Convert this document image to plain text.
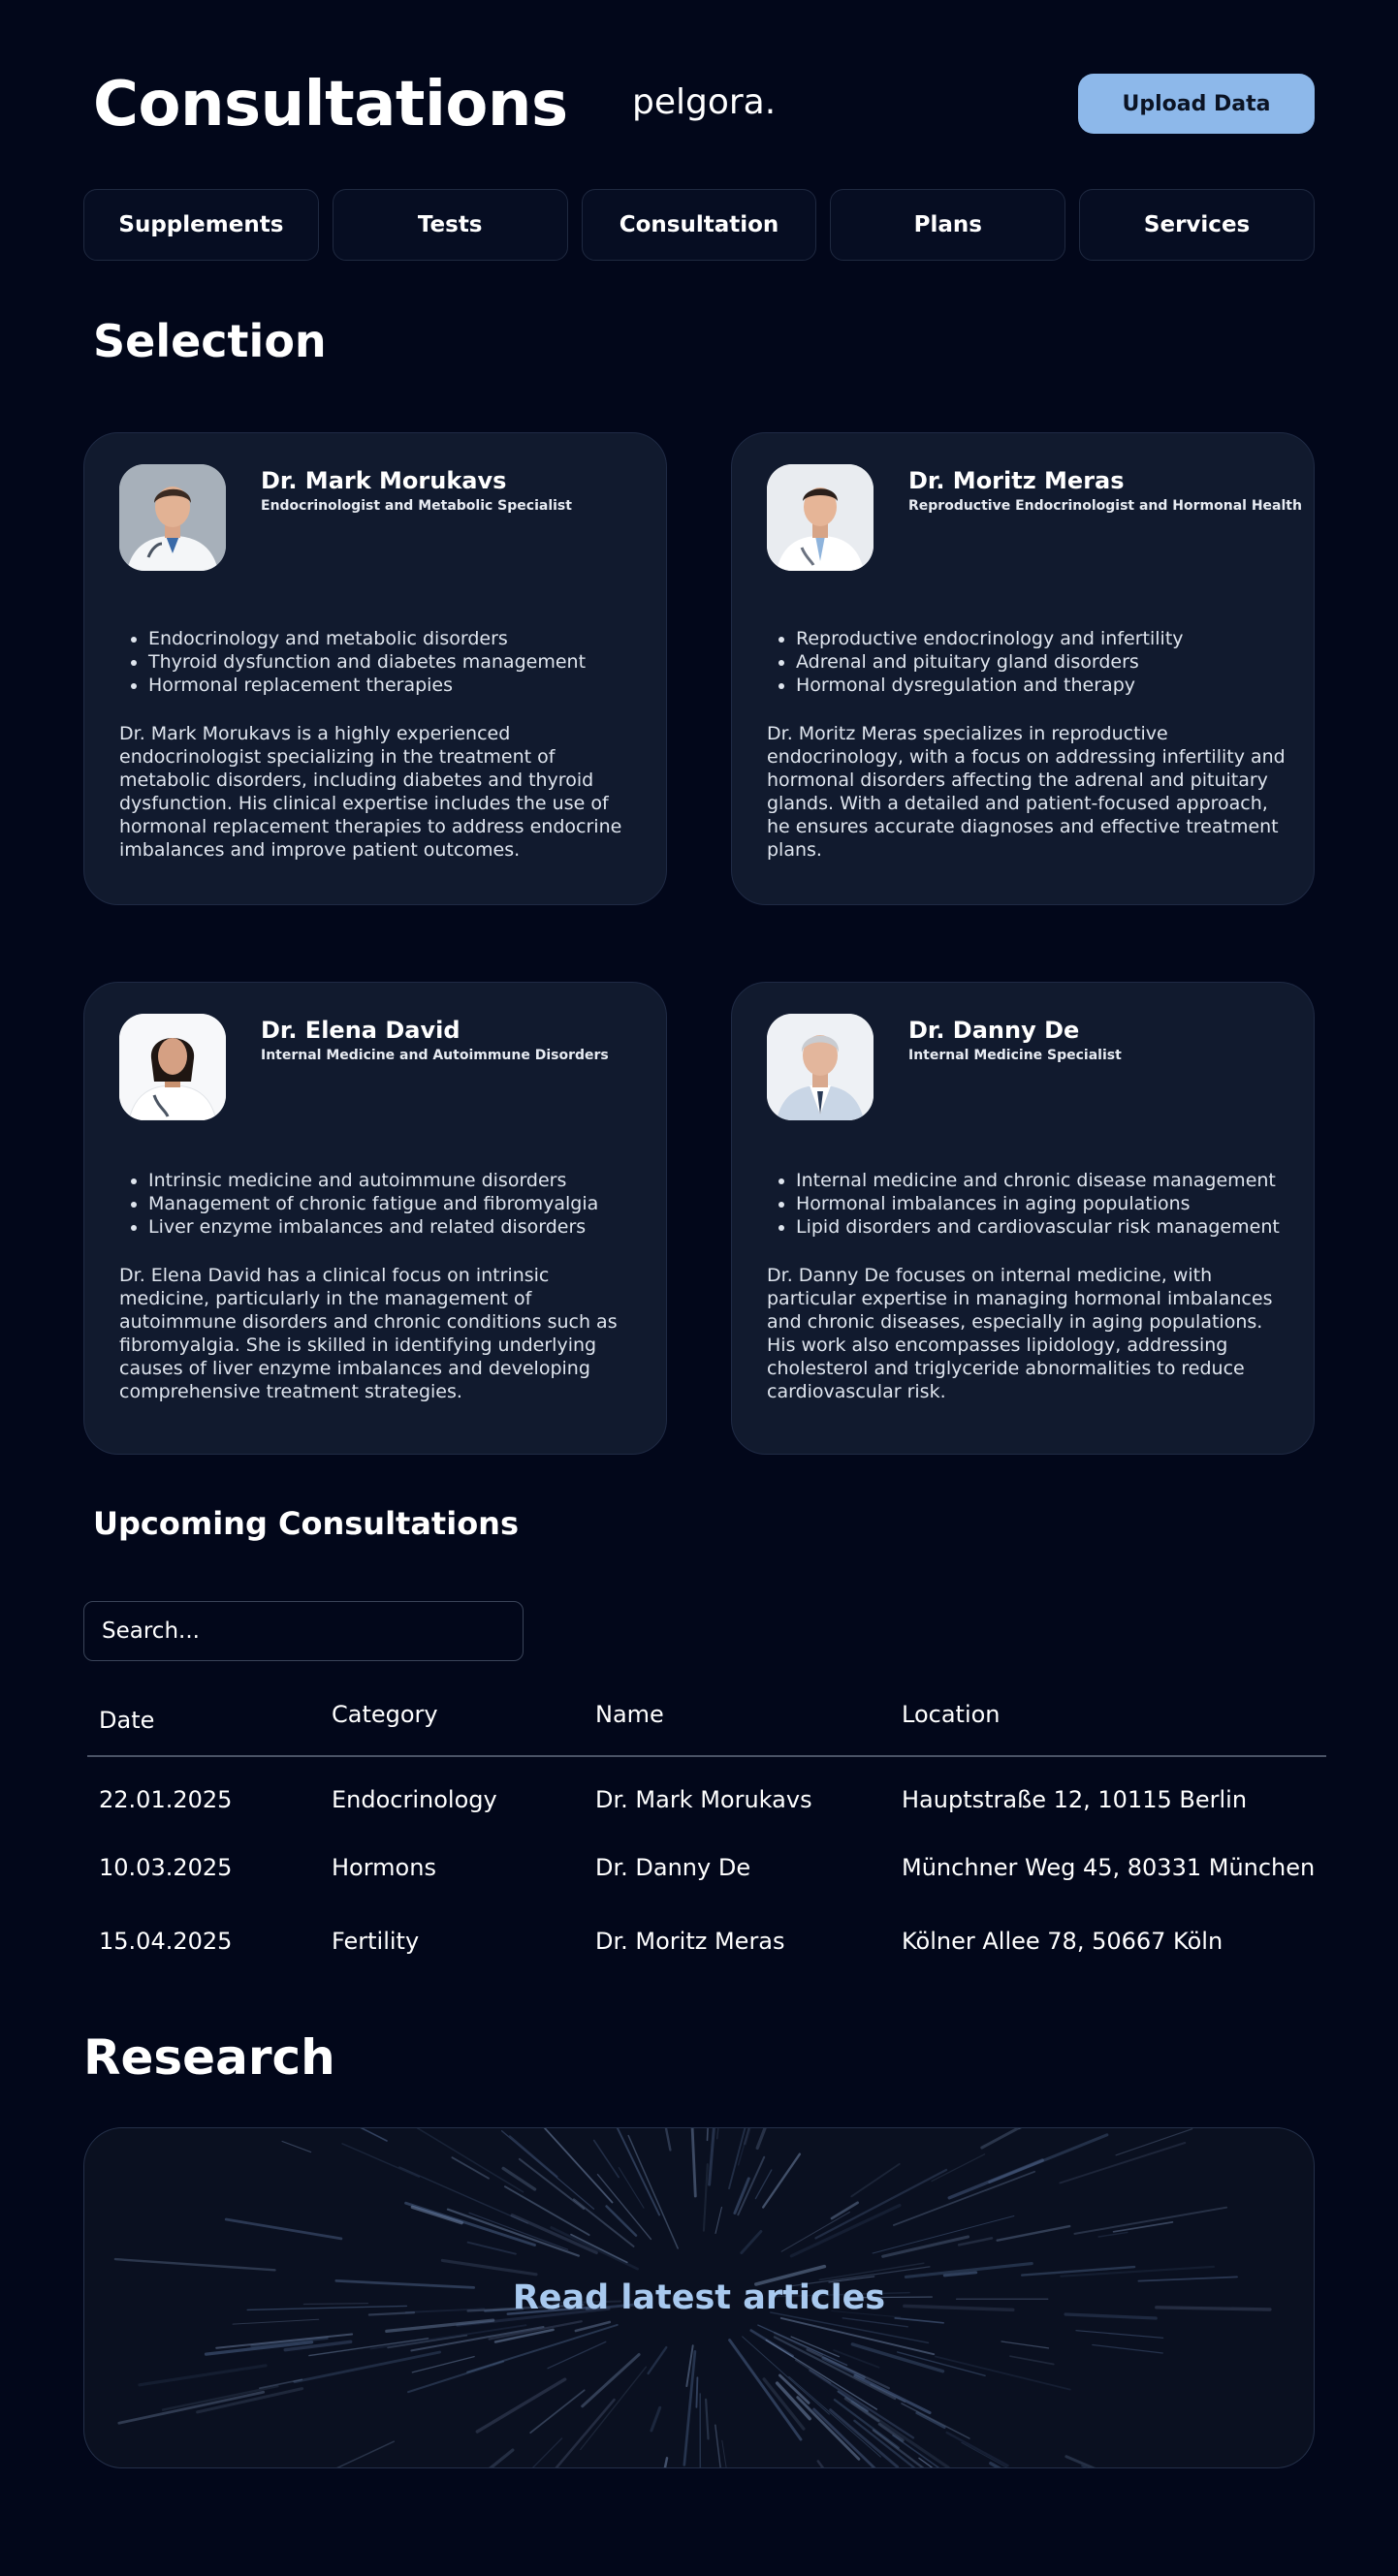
Consultations pelgora.	Upload Data
Supplements	Tests	Consultation	Plans	Services
Selection
Dr. Mark Morukavs
Endocrinologist and Metabolic Specialist
• Endocrinology and metabolic disorders
• Thyroid dysfunction and diabetes management
• Hormonal replacement therapies
Dr. Mark Morukavs is a highly experienced endocrinologist specializing in the treatment of metabolic disorders, including diabetes and thyroid dysfunction. His clinical expertise includes the use of hormonal replacement therapies to address endocrine imbalances and improve patient outcomes.
Dr. Moritz Meras
Reproductive Endocrinologist and Hormonal Health
• Reproductive endocrinology and infertility
• Adrenal and pituitary gland disorders
• Hormonal dysregulation and therapy
Dr. Moritz Meras specializes in reproductive endocrinology, with a focus on addressing infertility and hormonal disorders affecting the adrenal and pituitary glands. With a detailed and patient-focused approach, he ensures accurate diagnoses and effective treatment plans.
Dr. Elena David
Internal Medicine and Autoimmune Disorders
• Intrinsic medicine and autoimmune disorders
• Management of chronic fatigue and fibromyalgia
• Liver enzyme imbalances and related disorders
Dr. Elena David has a clinical focus on intrinsic medicine, particularly in the management of autoimmune disorders and chronic conditions such as fibromyalgia. She is skilled in identifying underlying causes of liver enzyme imbalances and developing comprehensive treatment strategies.
Dr. Danny De
Internal Medicine Specialist
• Internal medicine and chronic disease management
• Hormonal imbalances in aging populations
• Lipid disorders and cardiovascular risk management
Dr. Danny De focuses on internal medicine, with particular expertise in managing hormonal imbalances and chronic diseases, especially in aging populations. His work also encompasses lipidology, addressing cholesterol and triglyceride abnormalities to reduce cardiovascular risk.
Upcoming Consultations
Search...
Date	Category	Name	Location
22.01.2025	Endocrinology	Dr. Mark Morukavs	Hauptstraße 12, 10115 Berlin
10.03.2025	Hormons	Dr. Danny De	Münchner Weg 45, 80331 München
15.04.2025	Fertility	Dr. Moritz Meras	Kölner Allee 78, 50667 Köln
Research
Read latest articles
